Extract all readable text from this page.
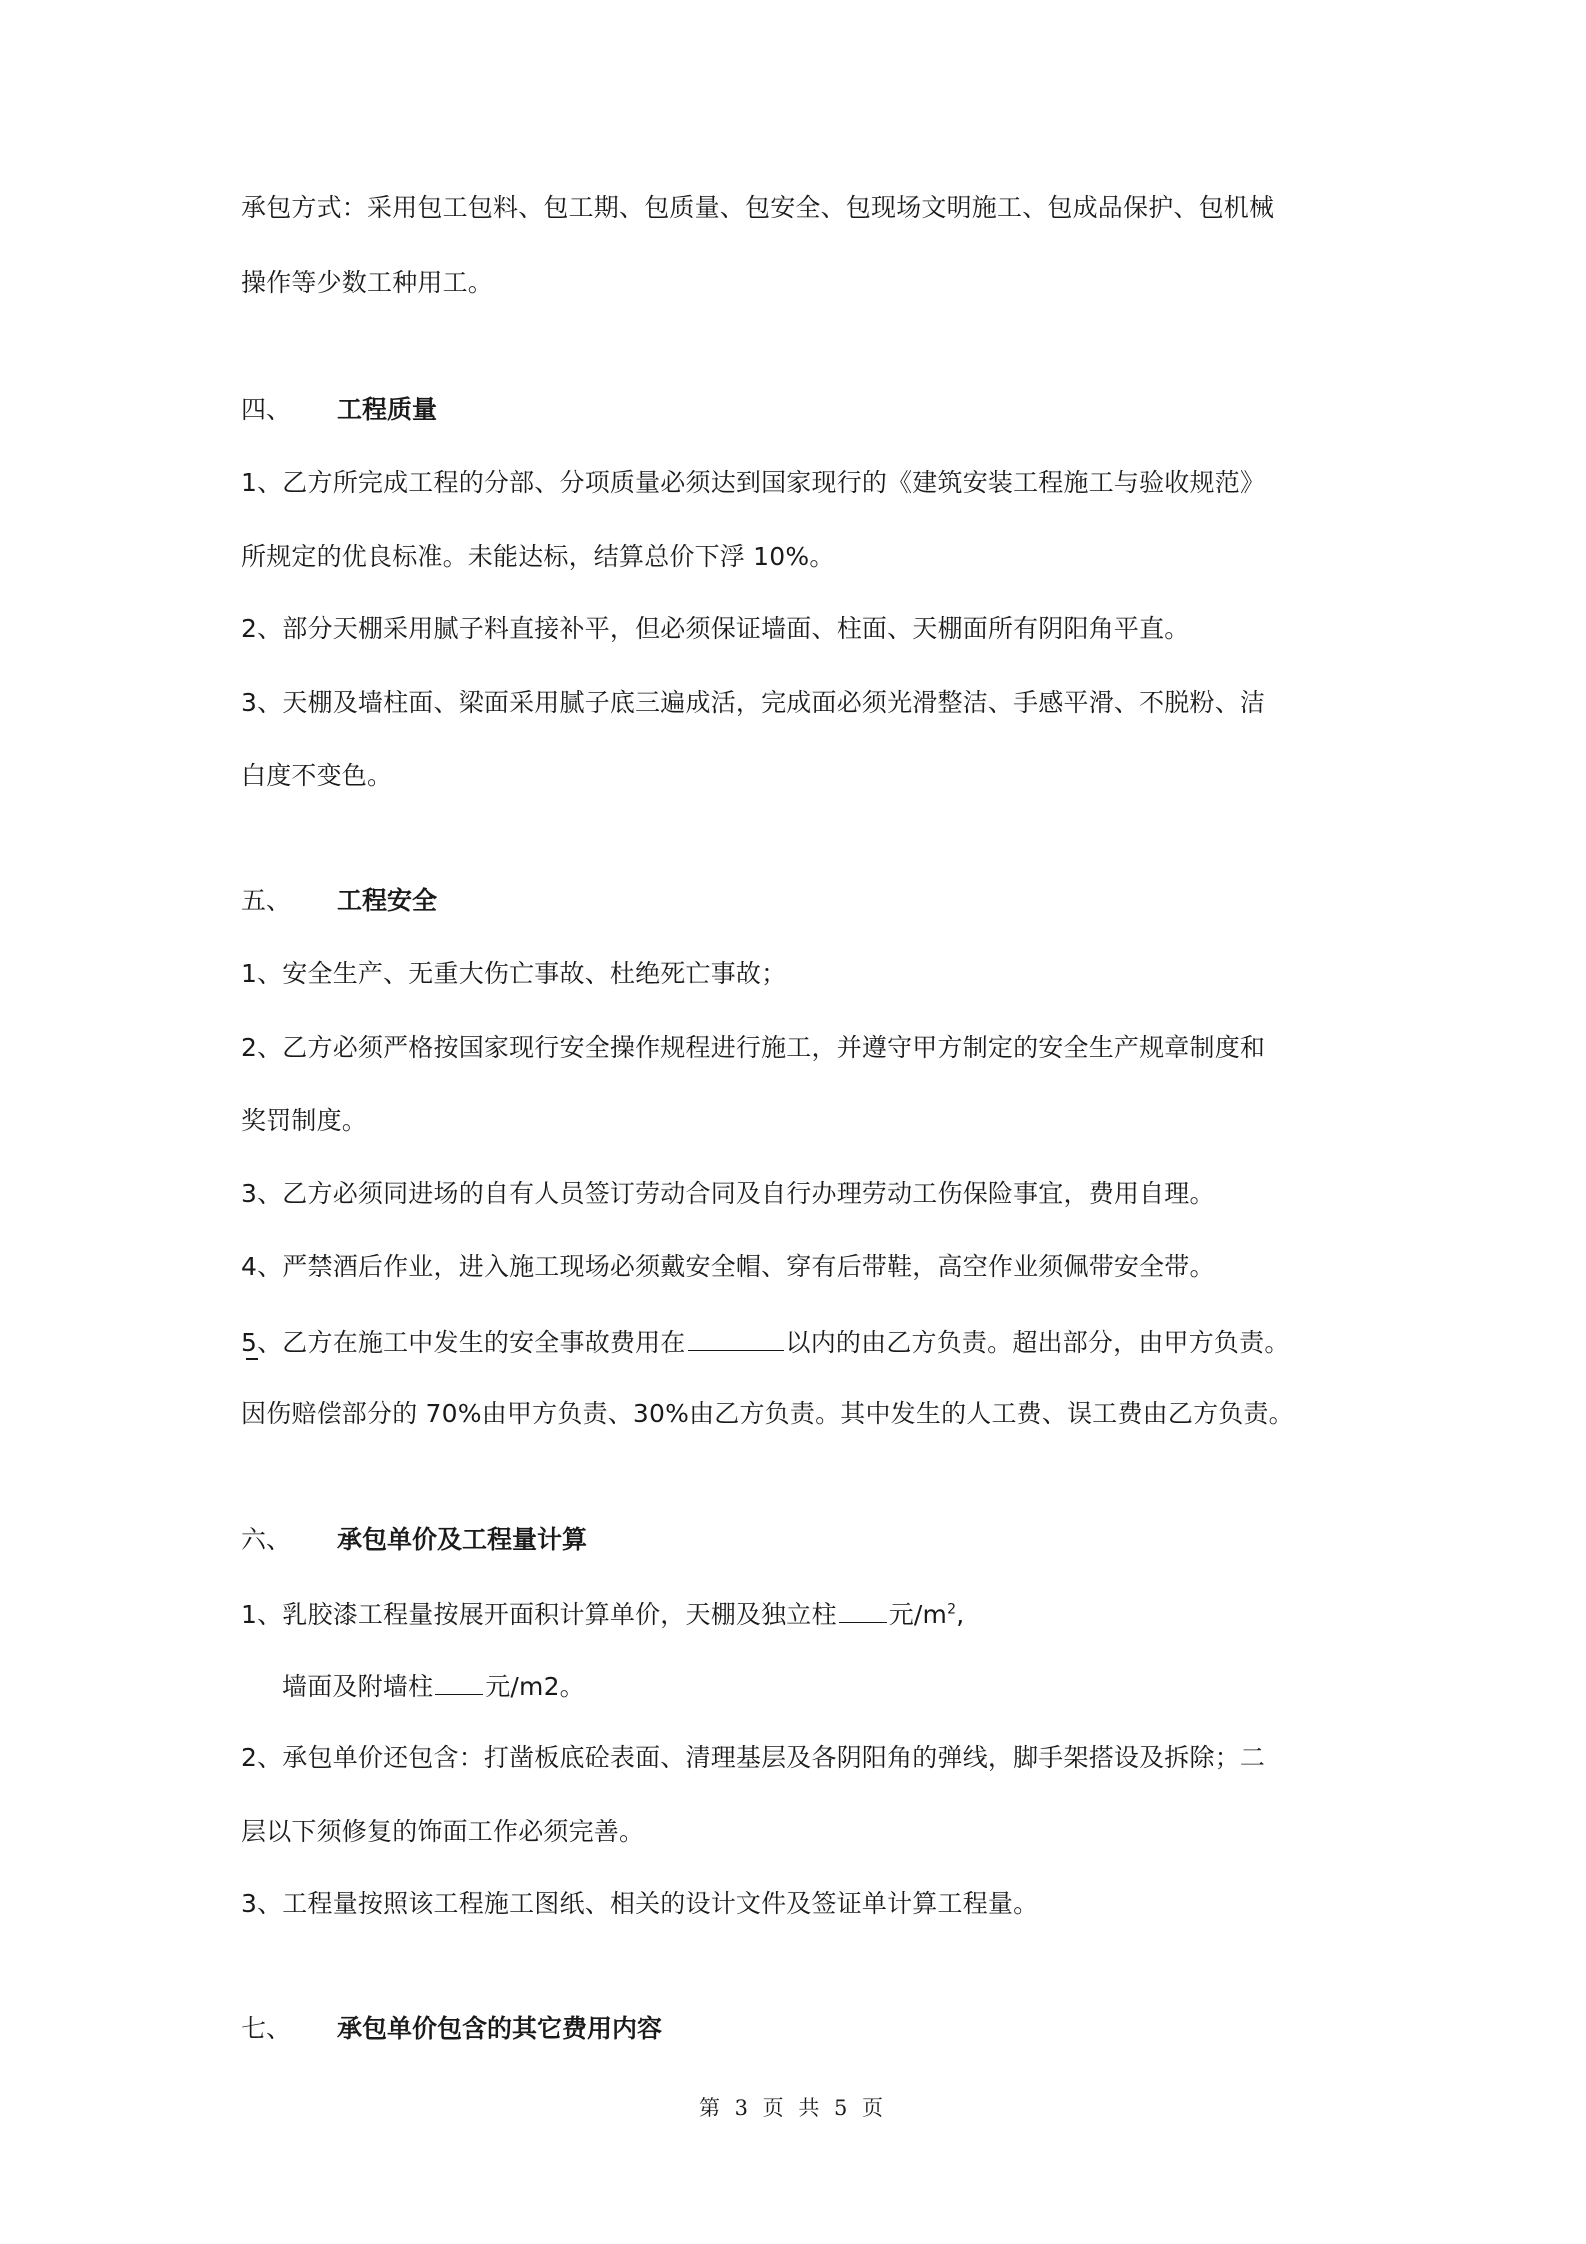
承包方式：采用包工包料、包工期、包质量、包安全、包现场文明施工、包成品保护、包机械
操作等少数工种用工。
四、 工程质量
1、乙方所完成工程的分部、分项质量必须达到国家现行的《建筑安装工程施工与验收规范》
所规定的优良标准。未能达标，结算总价下浮 10%。
2、部分天棚采用腻子料直接补平，但必须保证墙面、柱面、天棚面所有阴阳角平直。
3、天棚及墙柱面、梁面采用腻子底三遍成活，完成面必须光滑整洁、手感平滑、不脱粉、洁
白度不变色。
五、 工程安全
1、安全生产、无重大伤亡事故、杜绝死亡事故；
2、乙方必须严格按国家现行安全操作规程进行施工，并遵守甲方制定的安全生产规章制度和
奖罚制度。
3、乙方必须同进场的自有人员签订劳动合同及自行办理劳动工伤保险事宜，费用自理。
4、严禁酒后作业，进入施工现场必须戴安全帽、穿有后带鞋，高空作业须佩带安全带。
5、乙方在施工中发生的安全事故费用在	以内的由乙方负责。超出部分，由甲方负责。
因伤赔偿部分的 70%由甲方负责、30%由乙方负责。其中发生的人工费、误工费由乙方负责。
六、 承包单价及工程量计算
1、乳胶漆工程量按展开面积计算单价，天棚及独立柱 元$/m^2$,
墙面及附墙柱 元/m2。
2、承包单价还包含：打凿板底砼表面、清理基层及各阴阳角的弹线，脚手架搭设及拆除；二
层以下须修复的饰面工作必须完善。
3、工程量按照该工程施工图纸、相关的设计文件及签证单计算工程量。
七、 承包单价包含的其它费用内容
第 3 页 共 5 页
